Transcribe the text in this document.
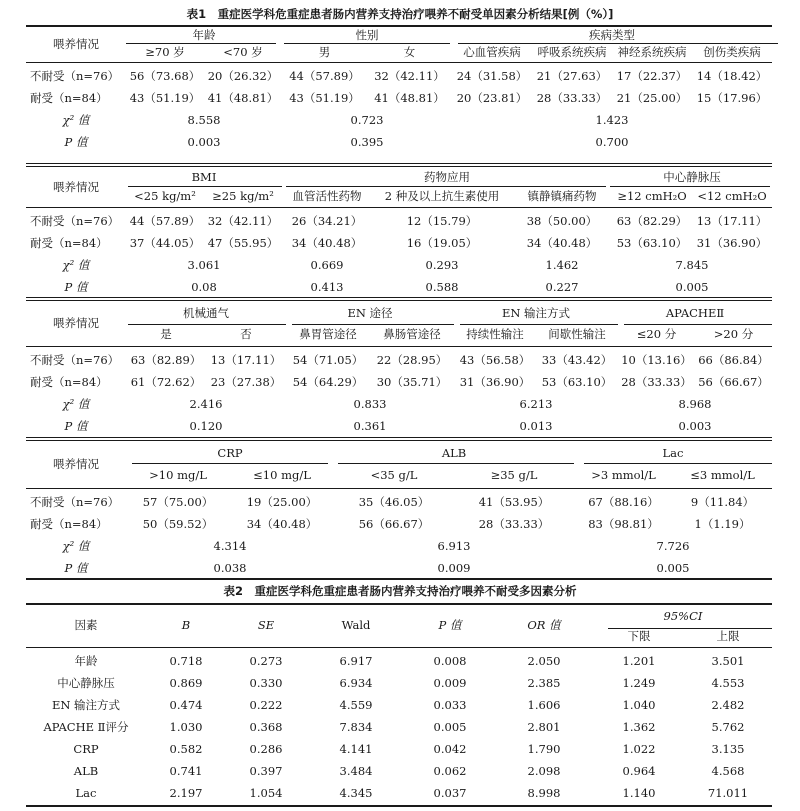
表1　重症医学科危重症患者肠内营养支持治疗喂养不耐受单因素分析结果[例（%）]
喂养情况	年龄		性别		疾病类型			
	≥70 岁	<70 岁	男	女	心血管疾病	呼吸系统疾病	神经系统疾病	创伤类疾病

不耐受（n=76）	56（73.68）	20（26.32）	44（57.89）	32（42.11）	24（31.58）	21（27.63）	17（22.37）	14（18.42）
耐受（n=84）	43（51.19）	41（48.81）	43（51.19）	41（48.81）	20（23.81）	28（33.33）	21（25.00）	15（17.96）
χ² 值	8.558		0.723		1.423			
P 值	0.003		0.395		0.700			
喂养情况	BMI		药物应用			中心静脉压	
	<25 kg/m²	≥25 kg/m²	血管活性药物	2 种及以上抗生素使用	镇静镇痛药物	≥12 cmH₂O	<12 cmH₂O

不耐受（n=76）	44（57.89）	32（42.11）	26（34.21）	12（15.79）	38（50.00）	63（82.29）	13（17.11）
耐受（n=84）	37（44.05）	47（55.95）	34（40.48）	16（19.05）	34（40.48）	53（63.10）	31（36.90）
χ² 值	3.061		0.669	0.293	1.462	7.845	
P 值	0.08		0.413	0.588	0.227	0.005	
喂养情况	机械通气		EN 途径		EN 输注方式		APACHEⅡ	
	是	否	鼻胃管途径	鼻肠管途径	持续性输注	间歇性输注	≤20 分	>20 分

不耐受（n=76）	63（82.89）	13（17.11）	54（71.05）	22（28.95）	43（56.58）	33（43.42）	10（13.16）	66（86.84）
耐受（n=84）	61（72.62）	23（27.38）	54（64.29）	30（35.71）	31（36.90）	53（63.10）	28（33.33）	56（66.67）
χ² 值	2.416		0.833		6.213		8.968	
P 值	0.120		0.361		0.013		0.003	
喂养情况	CRP		ALB		Lac	
	>10 mg/L	≤10 mg/L	<35 g/L	≥35 g/L	>3 mmol/L	≤3 mmol/L

不耐受（n=76）	57（75.00）	19（25.00）	35（46.05）	41（53.95）	67（88.16）	9（11.84）
耐受（n=84）	50（59.52）	34（40.48）	56（66.67）	28（33.33）	83（98.81）	1（1.19）
χ² 值	4.314		6.913		7.726	
P 值	0.038		0.009		0.005	
表2　重症医学科危重症患者肠内营养支持治疗喂养不耐受多因素分析
因素	B	SE	Wald	P 值	OR 值	95%CI	
						下限	上限

年龄	0.718	0.273	6.917	0.008	2.050	1.201	3.501
中心静脉压	0.869	0.330	6.934	0.009	2.385	1.249	4.553
EN 输注方式	0.474	0.222	4.559	0.033	1.606	1.040	2.482
APACHE Ⅱ评分	1.030	0.368	7.834	0.005	2.801	1.362	5.762
CRP	0.582	0.286	4.141	0.042	1.790	1.022	3.135
ALB	0.741	0.397	3.484	0.062	2.098	0.964	4.568
Lac	2.197	1.054	4.345	0.037	8.998	1.140	71.011
